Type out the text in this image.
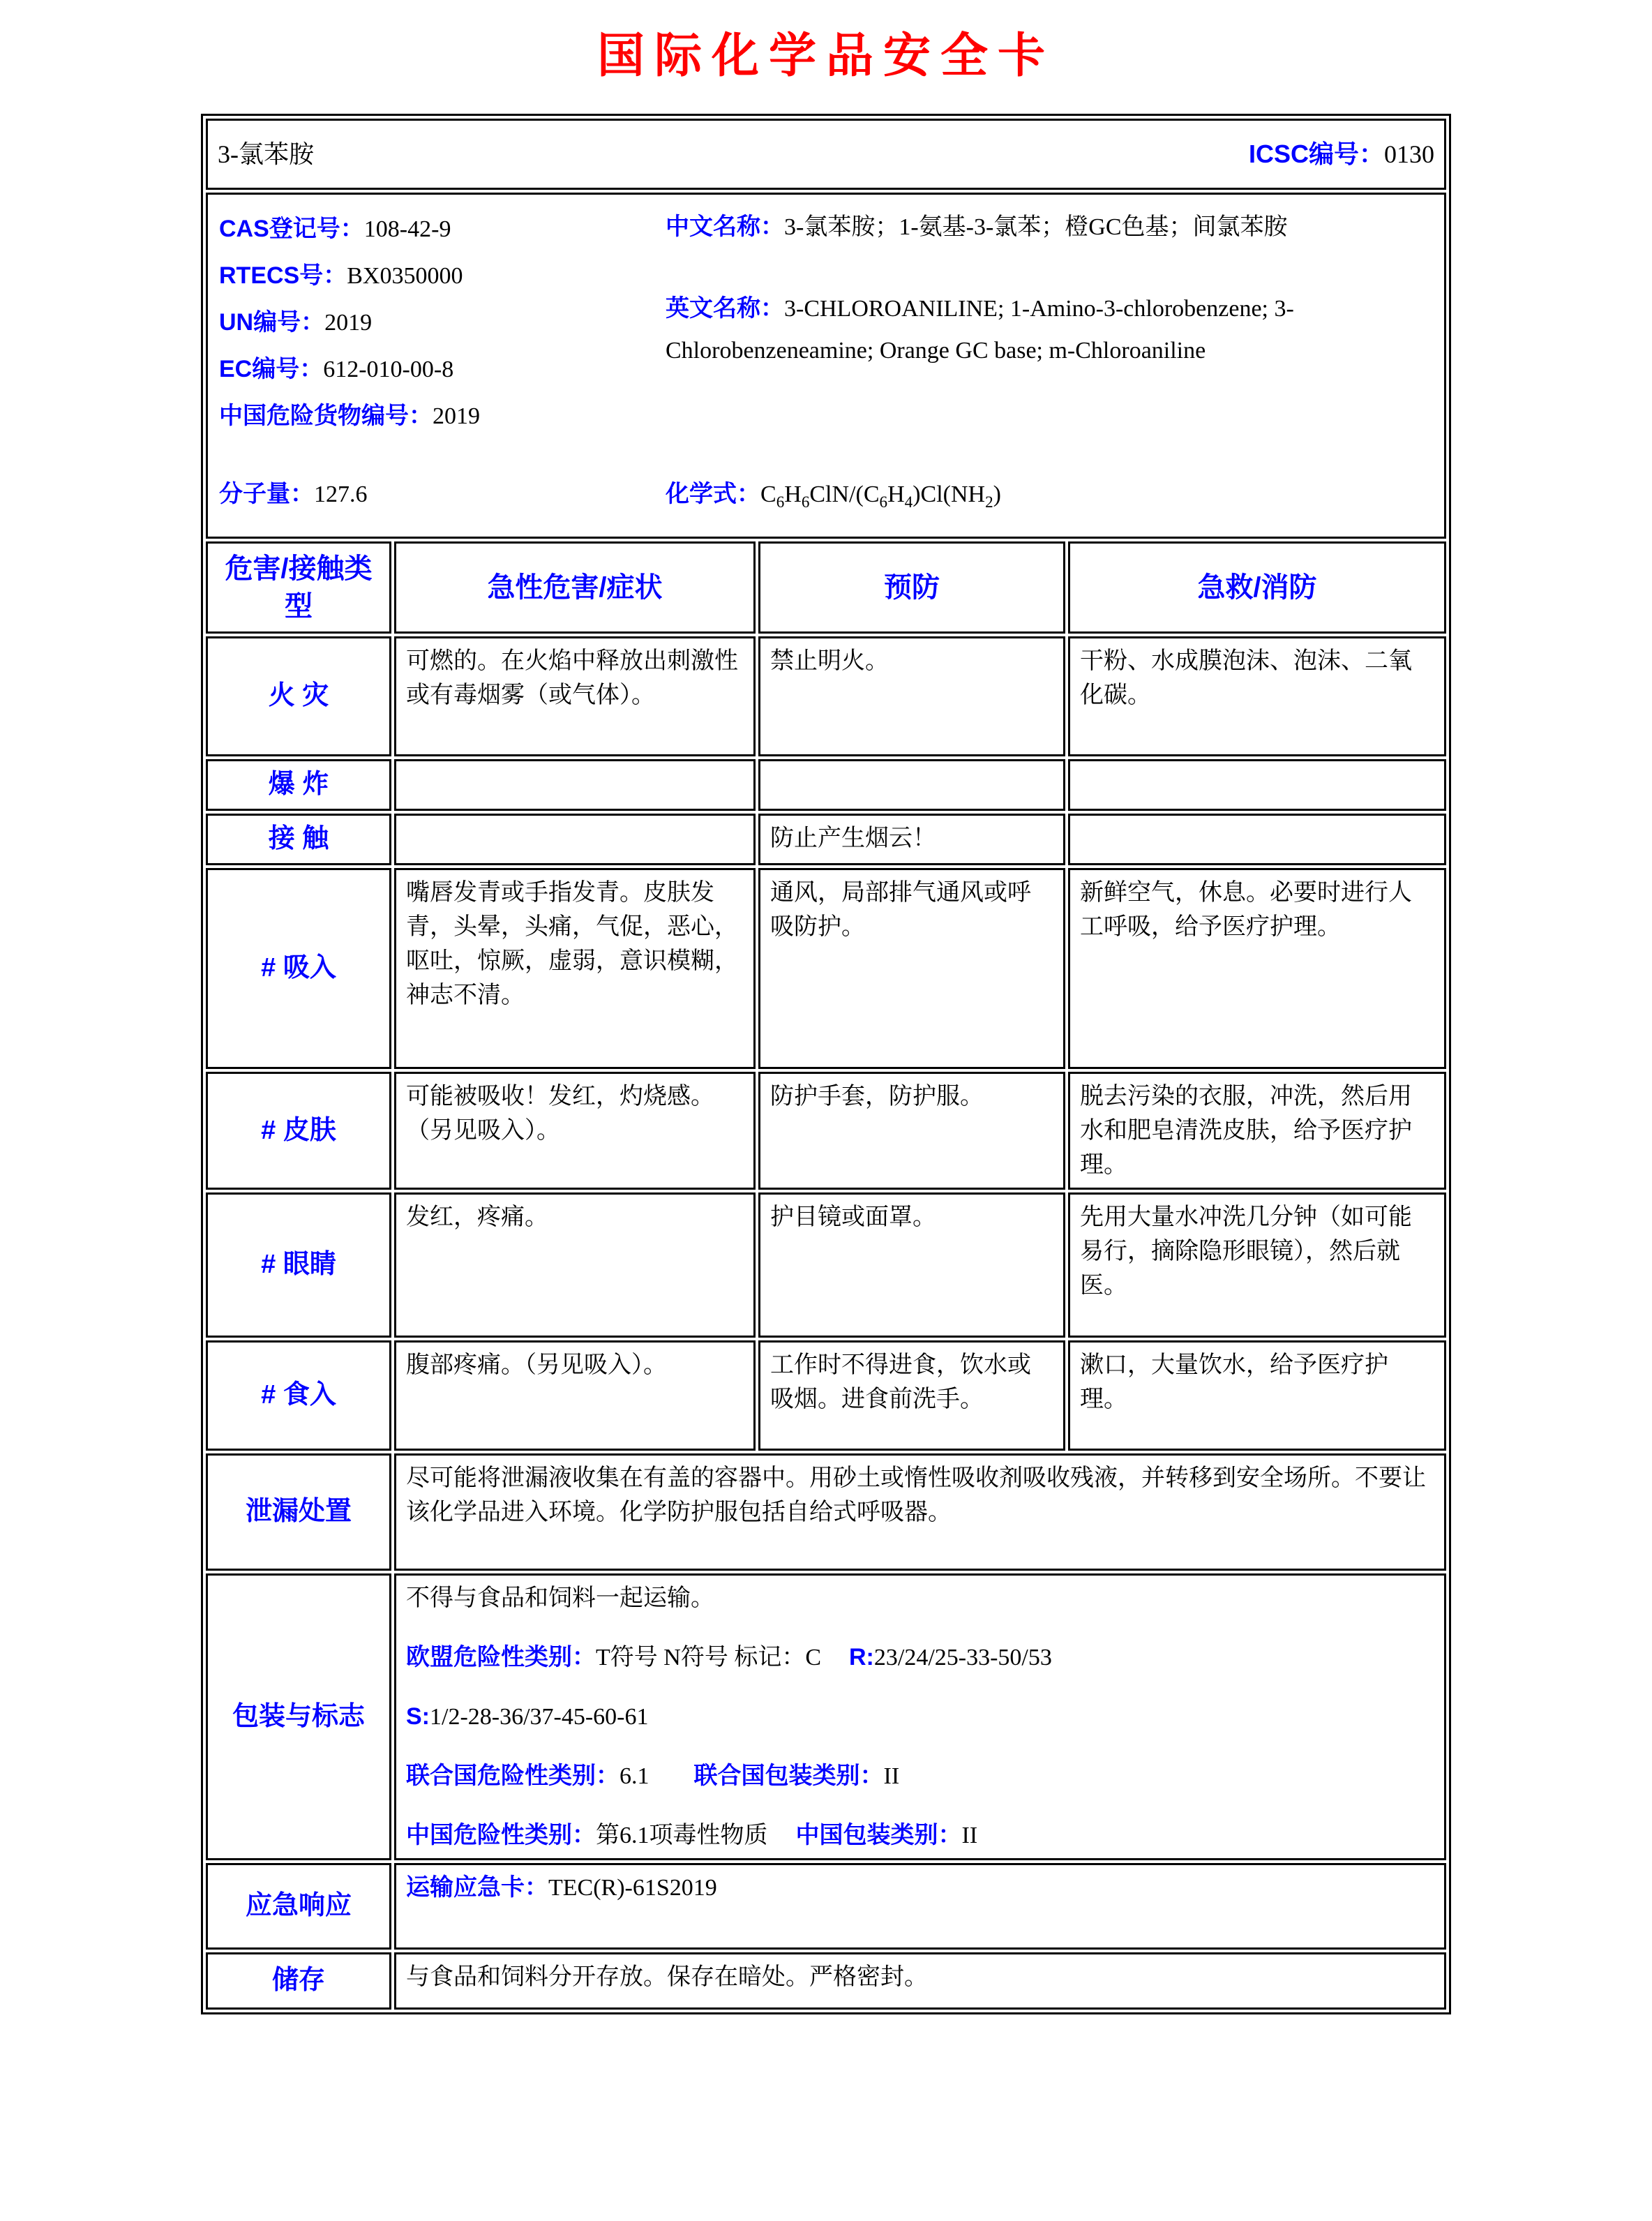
国际化学品安全卡
3-氯苯胺 ICSC编号：0130			

CAS登记号：108-42-9
RTECS号：BX0350000
UN编号：2019
EC编号：612-010-00-8
中国危险货物编号：2019
中文名称：3-氯苯胺；1-氨基-3-氯苯；橙GC色基；间氯苯胺
英文名称：3-CHLOROANILINE; 1-Amino-3-chlorobenzene; 3-Chlorobenzeneamine; Orange GC base; m-Chloroaniline
分子量：127.6	化学式：$C_6H_6ClN/(C_6H_4)Cl(NH_2)$

危害/接触类型	急性危害/症状	预防	急救/消防
火 灾	可燃的。在火焰中释放出刺激性或有毒烟雾（或气体）。	禁止明火。	干粉、水成膜泡沫、泡沫、二氧化碳。
爆 炸			
接 触		防止产生烟云！	
# 吸入	嘴唇发青或手指发青。皮肤发青，头晕，头痛，气促，恶心，呕吐，惊厥，虚弱，意识模糊，神志不清。	通风，局部排气通风或呼吸防护。	新鲜空气，休息。必要时进行人工呼吸，给予医疗护理。
# 皮肤	可能被吸收！发红，灼烧感。（另见吸入）。	防护手套，防护服。	脱去污染的衣服，冲洗，然后用水和肥皂清洗皮肤，给予医疗护理。
# 眼睛	发红，疼痛。	护目镜或面罩。	先用大量水冲洗几分钟（如可能易行，摘除隐形眼镜），然后就医。
# 食入	腹部疼痛。（另见吸入）。	工作时不得进食，饮水或吸烟。进食前洗手。	漱口，大量饮水，给予医疗护理。
泄漏处置	尽可能将泄漏液收集在有盖的容器中。用砂土或惰性吸收剂吸收残液，并转移到安全场所。不要让该化学品进入环境。化学防护服包括自给式呼吸器。		
包装与标志	不得与食品和饲料一起运输。
欧盟危险性类别：T符号 N符号 标记：C R:23/24/25-33-50/53
S:1/2-28-36/37-45-60-61
联合国危险性类别：6.1 联合国包装类别：II
中国危险性类别：第6.1项毒性物质 中国包装类别：II		

应急响应	运输应急卡：TEC(R)-61S2019		
储存	与食品和饲料分开存放。保存在暗处。严格密封。		
